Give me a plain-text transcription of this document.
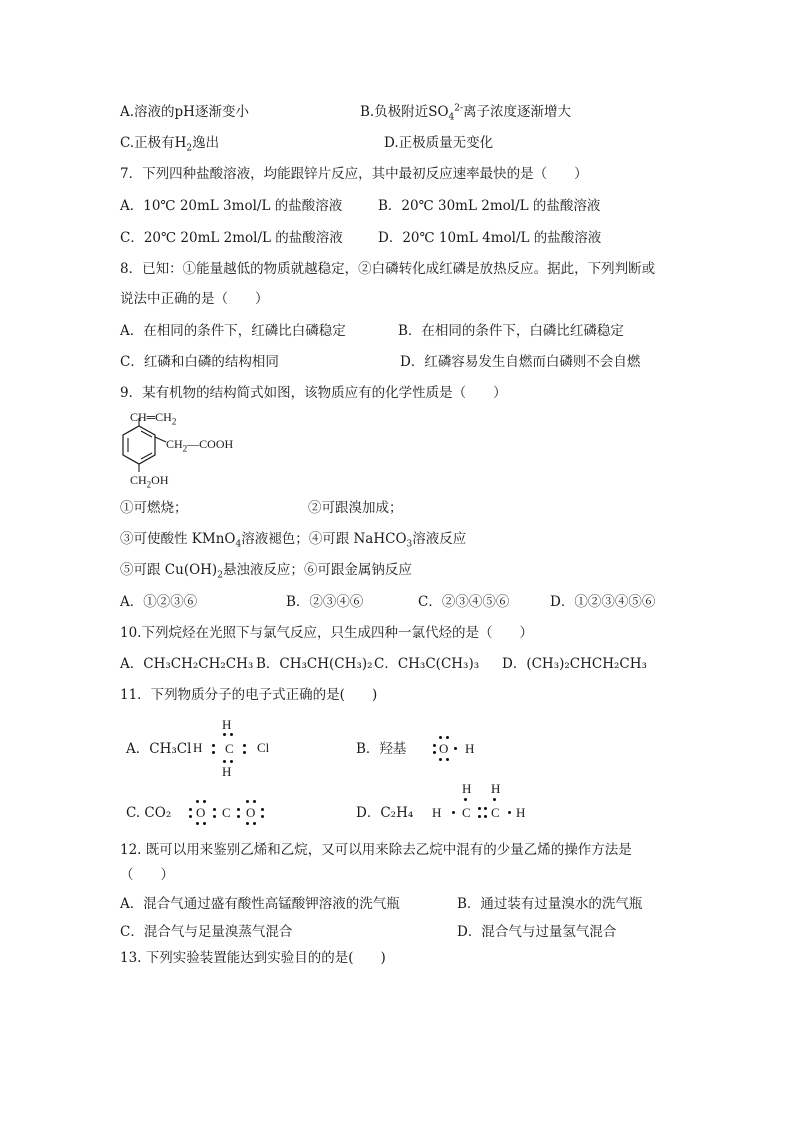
A.溶液的pH逐渐变小	B.负极附近$SO_4^{2-}$离子浓度逐渐增大
C.正极有$H_2$逸出	D.正极质量无变化
7．下列四种盐酸溶液，均能跟锌片反应，其中最初反应速率最快的是（　　）
A．10℃ 20mL 3mol/L 的盐酸溶液	B．20℃ 30mL 2mol/L 的盐酸溶液
C．20℃ 20mL 2mol/L 的盐酸溶液	D．20℃ 10mL 4mol/L 的盐酸溶液
8．已知：①能量越低的物质就越稳定，②白磷转化成红磷是放热反应。据此，下列判断或
说法中正确的是（　　）
A．在相同的条件下，红磷比白磷稳定	B．在相同的条件下，白磷比红磷稳定
C．红磷和白磷的结构相同	D．红磷容易发生自燃而白磷则不会自燃
9．某有机物的结构简式如图，该物质应有的化学性质是（　　）
$CH═CH_2$
$CH_2—COOH$
$CH_2OH$
①可燃烧；	②可跟溴加成；
③可使酸性 KMnO$_4$溶液褪色；④可跟 NaHCO$_3$溶液反应
⑤可跟 $Cu(OH)_2$悬浊液反应；⑥可跟金属钠反应
A．①②③⑥	B．②③④⑥	C．②③④⑤⑥	D．①②③④⑤⑥
10.下列烷烃在光照下与氯气反应，只生成四种一氯代烃的是（　　）
A．CH₃CH₂CH₂CH₃ B．CH₃CH(CH₃)₂ C．CH₃C(CH₃)₃ D．(CH₃)₂CHCH₂CH₃
11．下列物质分子的电子式正确的是(　　)
A．CH₃Cl
H
H C Cl
H
B．羟基	O H
C. CO₂ O C O	D．C₂H₄
H H
H C C H
12. 既可以用来鉴别乙烯和乙烷，又可以用来除去乙烷中混有的少量乙烯的操作方法是
（　　）
A．混合气通过盛有酸性高锰酸钾溶液的洗气瓶	B．通过装有过量溴水的洗气瓶
C．混合气与足量溴蒸气混合	D．混合气与过量氢气混合
13. 下列实验装置能达到实验目的的是(　　)
